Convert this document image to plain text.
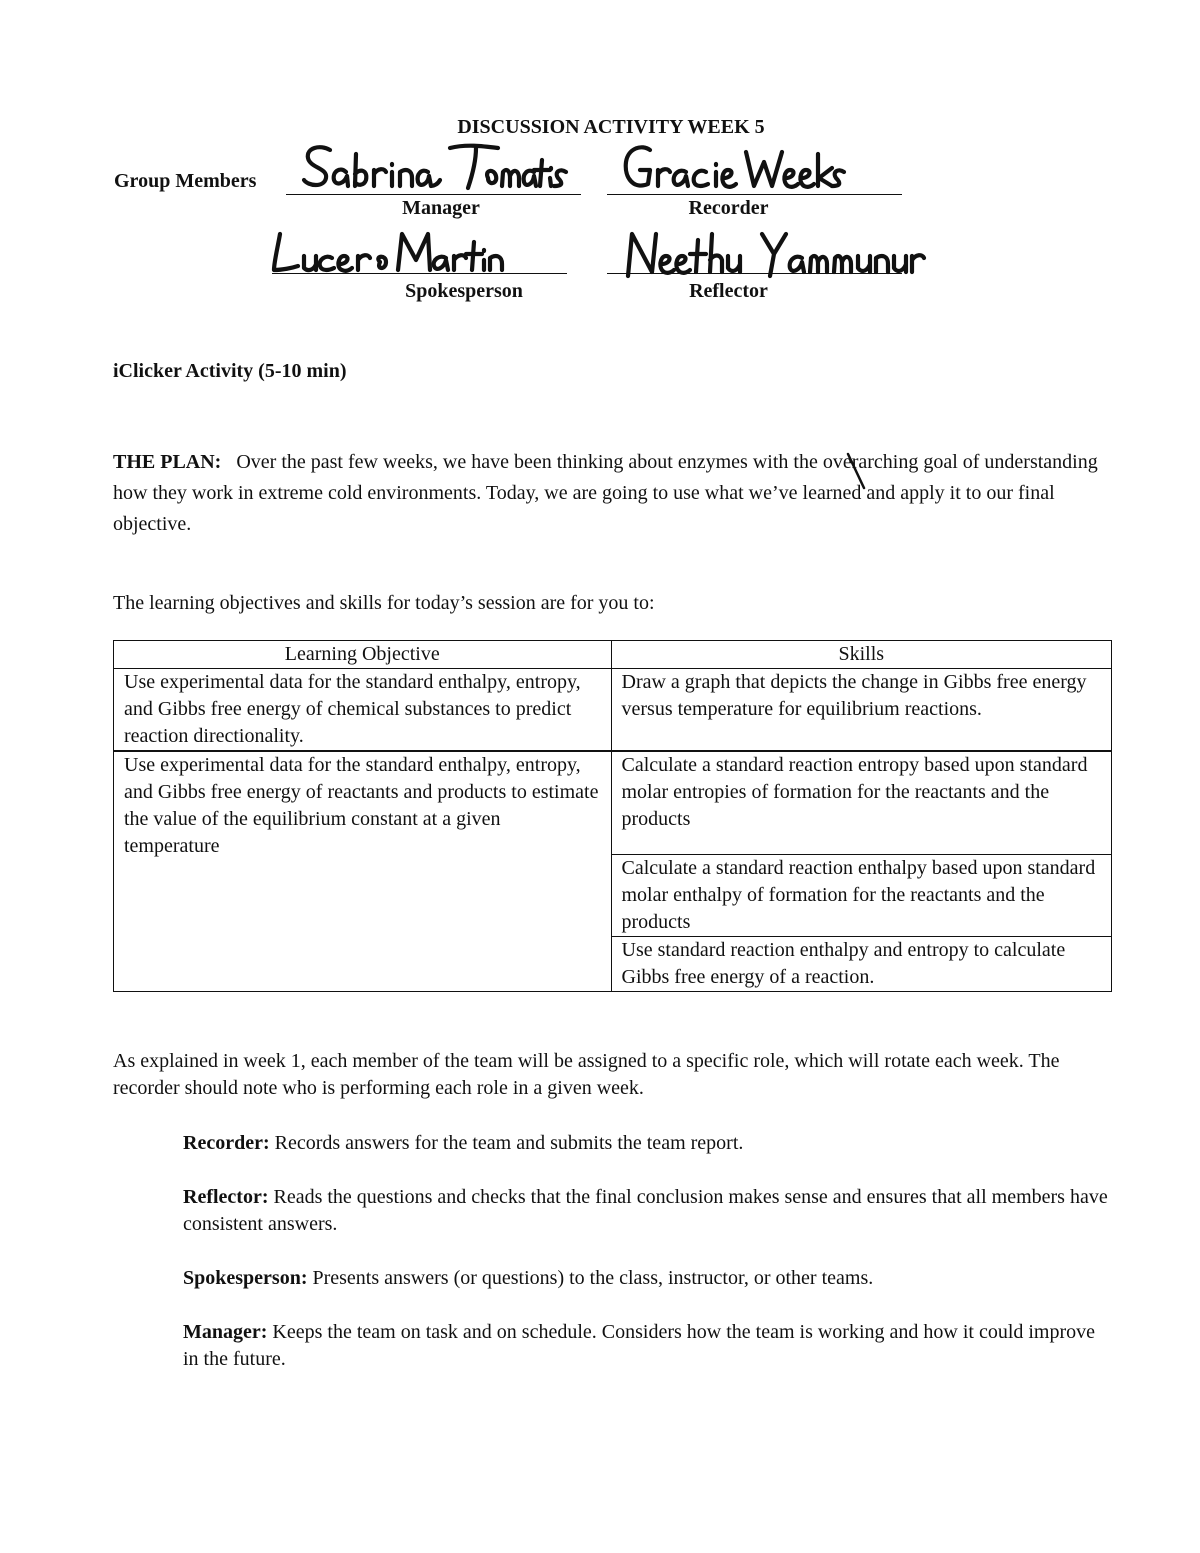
DISCUSSION ACTIVITY WEEK 5
Group Members
Manager	Recorder
Spokesperson	Reflector
iClicker Activity (5-10 min)
THE PLAN: Over the past few weeks, we have been thinking about enzymes with the overarching goal of understanding how they work in extreme cold environments. Today, we are going to use what we’ve learned and apply it to our final objective.
The learning objectives and skills for today’s session are for you to:
Learning Objective	Skills
Use experimental data for the standard enthalpy, entropy, and Gibbs free energy of chemical substances to predict reaction directionality.	Draw a graph that depicts the change in Gibbs free energy versus temperature for equilibrium reactions.
Use experimental data for the standard enthalpy, entropy, and Gibbs free energy of reactants and products to estimate the value of the equilibrium constant at a given temperature	Calculate a standard reaction entropy based upon standard molar entropies of formation for the reactants and the products
	Calculate a standard reaction enthalpy based upon standard molar enthalpy of formation for the reactants and the products
	Use standard reaction enthalpy and entropy to calculate Gibbs free energy of a reaction.
As explained in week 1, each member of the team will be assigned to a specific role, which will rotate each week. The recorder should note who is performing each role in a given week.

Recorder: Records answers for the team and submits the team report.

Reflector: Reads the questions and checks that the final conclusion makes sense and ensures that all members have consistent answers.

Spokesperson: Presents answers (or questions) to the class, instructor, or other teams.

Manager: Keeps the team on task and on schedule. Considers how the team is working and how it could improve in the future.
